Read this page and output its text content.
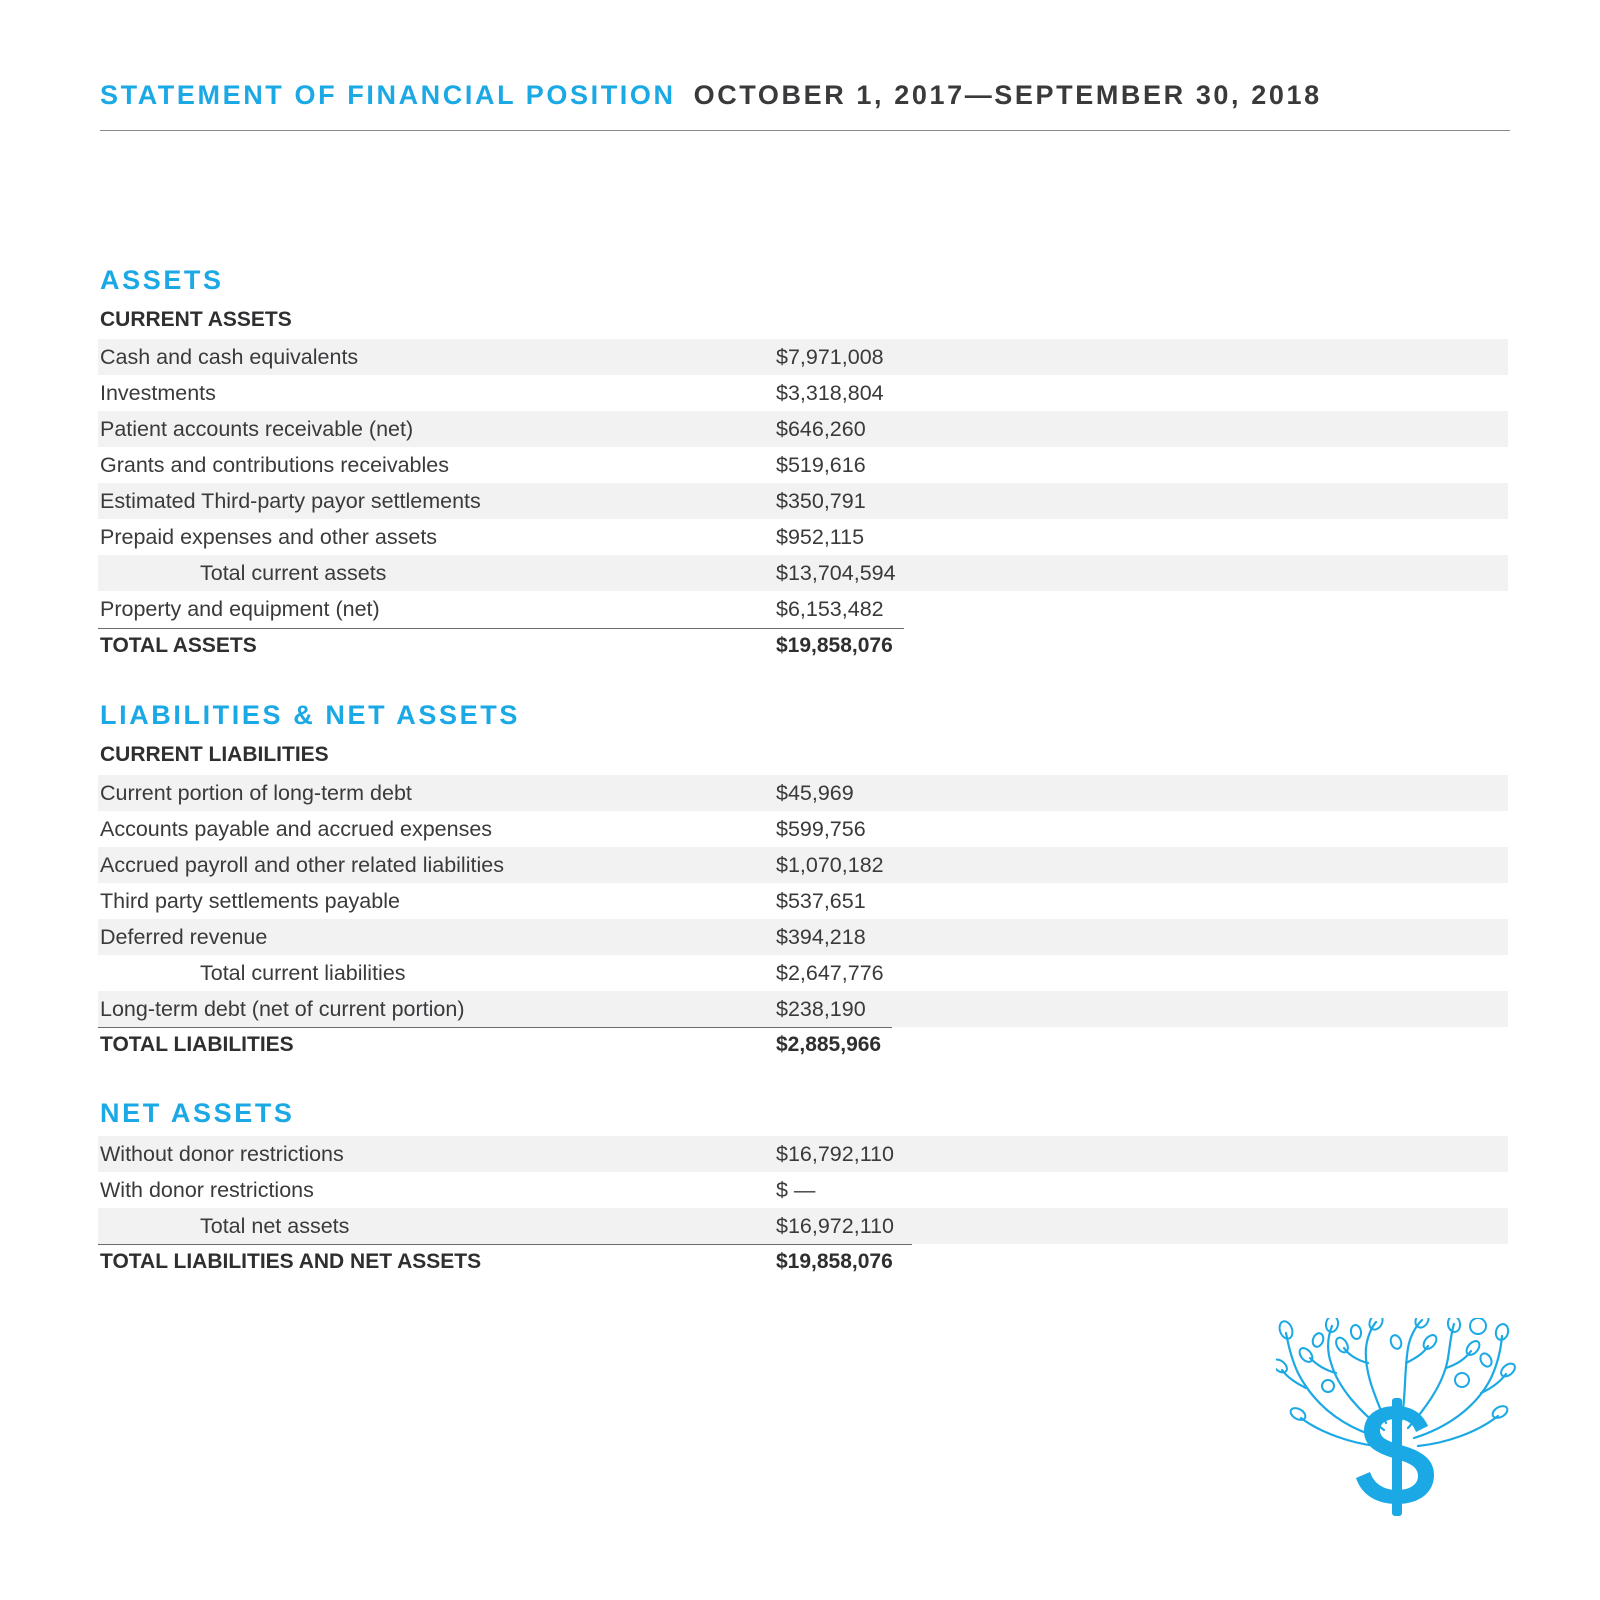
STATEMENT OF FINANCIAL POSITION OCTOBER 1, 2017—SEPTEMBER 30, 2018
ASSETS
CURRENT ASSETS
Cash and cash equivalents	$7,971,008
Investments	$3,318,804
Patient accounts receivable (net)	$646,260
Grants and contributions receivables	$519,616
Estimated Third-party payor settlements	$350,791
Prepaid expenses and other assets	$952,115
Total current assets	$13,704,594
Property and equipment (net)	$6,153,482
TOTAL ASSETS	$19,858,076
LIABILITIES & NET ASSETS
CURRENT LIABILITIES
Current portion of long-term debt	$45,969
Accounts payable and accrued expenses	$599,756
Accrued payroll and other related liabilities	$1,070,182
Third party settlements payable	$537,651
Deferred revenue	$394,218
Total current liabilities	$2,647,776
Long-term debt (net of current portion)	$238,190
TOTAL LIABILITIES	$2,885,966
NET ASSETS
Without donor restrictions	$16,792,110
With donor restrictions	$ —
Total net assets	$16,972,110
TOTAL LIABILITIES AND NET ASSETS	$19,858,076
